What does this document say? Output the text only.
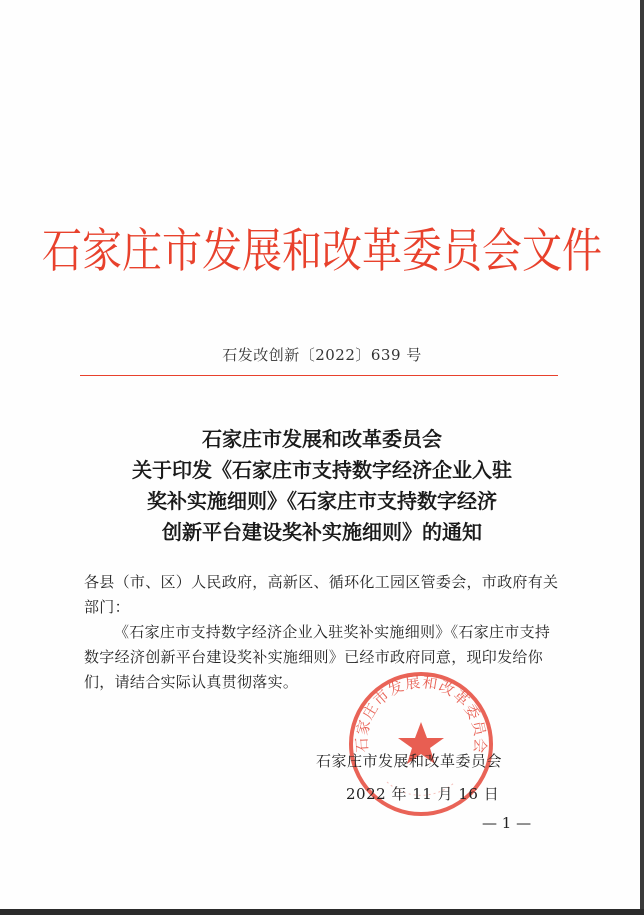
石家庄市发展和改革委员会文件
石发改创新〔2022〕639 号
石家庄市发展和改革委员会
关于印发《石家庄市支持数字经济企业入驻
奖补实施细则》《石家庄市支持数字经济
创新平台建设奖补实施细则》的通知

各县（市、区）人民政府，高新区、循环化工园区管委会，市政府有关部门：

《石家庄市支持数字经济企业入驻奖补实施细则》《石家庄市支持数字经济创新平台建设奖补实施细则》已经市政府同意，现印发给你们，请结合实际认真贯彻落实。

石家庄市发展和改革委员会
石家庄市发展和改革委员会
2022 年 11 月 16 日
— 1 —
